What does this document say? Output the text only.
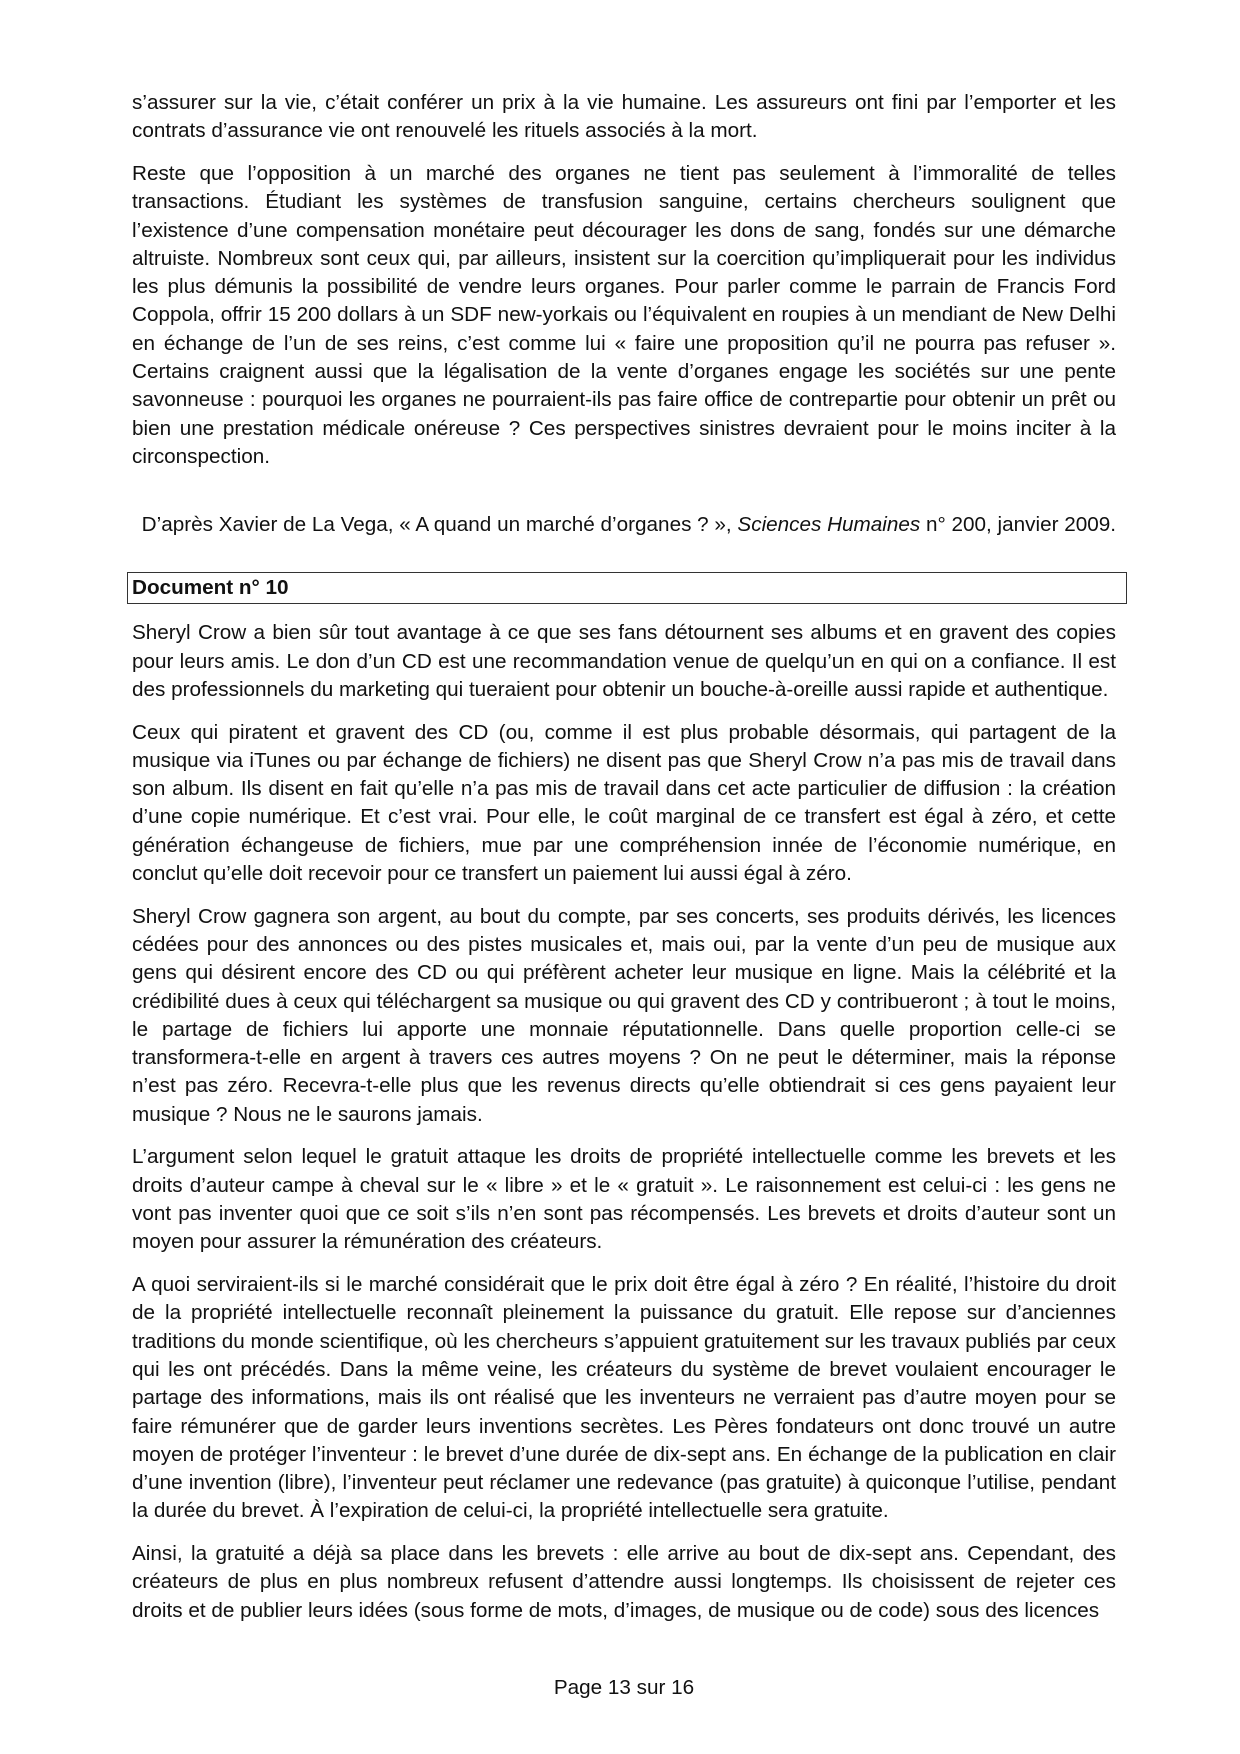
s’assurer sur la vie, c’était conférer un prix à la vie humaine. Les assureurs ont fini par l’emporter et les contrats d’assurance vie ont renouvelé les rituels associés à la mort.

Reste que l’opposition à un marché des organes ne tient pas seulement à l’immoralité de telles transactions. Étudiant les systèmes de transfusion sanguine, certains chercheurs soulignent que l’existence d’une compensation monétaire peut décourager les dons de sang, fondés sur une démarche altruiste. Nombreux sont ceux qui, par ailleurs, insistent sur la coercition qu’impliquerait pour les individus les plus démunis la possibilité de vendre leurs organes. Pour parler comme le parrain de Francis Ford Coppola, offrir 15 200 dollars à un SDF new-yorkais ou l’équivalent en roupies à un mendiant de New Delhi en échange de l’un de ses reins, c’est comme lui « faire une proposition qu’il ne pourra pas refuser ». Certains craignent aussi que la légalisation de la vente d’organes engage les sociétés sur une pente savonneuse : pourquoi les organes ne pourraient-ils pas faire office de contrepartie pour obtenir un prêt ou bien une prestation médicale onéreuse ? Ces perspectives sinistres devraient pour le moins inciter à la circonspection.

D’après Xavier de La Vega, « A quand un marché d’organes ? », Sciences Humaines n° 200, janvier 2009.
Document n° 10

Sheryl Crow a bien sûr tout avantage à ce que ses fans détournent ses albums et en gravent des copies pour leurs amis. Le don d’un CD est une recommandation venue de quelqu’un en qui on a confiance. Il est des professionnels du marketing qui tueraient pour obtenir un bouche-à-oreille aussi rapide et authentique.

Ceux qui piratent et gravent des CD (ou, comme il est plus probable désormais, qui partagent de la musique via iTunes ou par échange de fichiers) ne disent pas que Sheryl Crow n’a pas mis de travail dans son album. Ils disent en fait qu’elle n’a pas mis de travail dans cet acte particulier de diffusion : la création d’une copie numérique. Et c’est vrai. Pour elle, le coût marginal de ce transfert est égal à zéro, et cette génération échangeuse de fichiers, mue par une compréhension innée de l’économie numérique, en conclut qu’elle doit recevoir pour ce transfert un paiement lui aussi égal à zéro.

Sheryl Crow gagnera son argent, au bout du compte, par ses concerts, ses produits dérivés, les licences cédées pour des annonces ou des pistes musicales et, mais oui, par la vente d’un peu de musique aux gens qui désirent encore des CD ou qui préfèrent acheter leur musique en ligne. Mais la célébrité et la crédibilité dues à ceux qui téléchargent sa musique ou qui gravent des CD y contribueront ; à tout le moins, le partage de fichiers lui apporte une monnaie réputationnelle. Dans quelle proportion celle-ci se transformera-t-elle en argent à travers ces autres moyens ? On ne peut le déterminer, mais la réponse n’est pas zéro. Recevra-t-elle plus que les revenus directs qu’elle obtiendrait si ces gens payaient leur musique ? Nous ne le saurons jamais.

L’argument selon lequel le gratuit attaque les droits de propriété intellectuelle comme les brevets et les droits d’auteur campe à cheval sur le « libre » et le « gratuit ». Le raisonnement est celui-ci : les gens ne vont pas inventer quoi que ce soit s’ils n’en sont pas récompensés. Les brevets et droits d’auteur sont un moyen pour assurer la rémunération des créateurs.

A quoi serviraient-ils si le marché considérait que le prix doit être égal à zéro ? En réalité, l’histoire du droit de la propriété intellectuelle reconnaît pleinement la puissance du gratuit. Elle repose sur d’anciennes traditions du monde scientifique, où les chercheurs s’appuient gratuitement sur les travaux publiés par ceux qui les ont précédés. Dans la même veine, les créateurs du système de brevet voulaient encourager le partage des informations, mais ils ont réalisé que les inventeurs ne verraient pas d’autre moyen pour se faire rémunérer que de garder leurs inventions secrètes. Les Pères fondateurs ont donc trouvé un autre moyen de protéger l’inventeur : le brevet d’une durée de dix-sept ans. En échange de la publication en clair d’une invention (libre), l’inventeur peut réclamer une redevance (pas gratuite) à quiconque l’utilise, pendant la durée du brevet. À l’expiration de celui-ci, la propriété intellectuelle sera gratuite.

Ainsi, la gratuité a déjà sa place dans les brevets : elle arrive au bout de dix-sept ans. Cependant, des créateurs de plus en plus nombreux refusent d’attendre aussi longtemps. Ils choisissent de rejeter ces droits et de publier leurs idées (sous forme de mots, d’images, de musique ou de code) sous des licences

Page 13 sur 16
